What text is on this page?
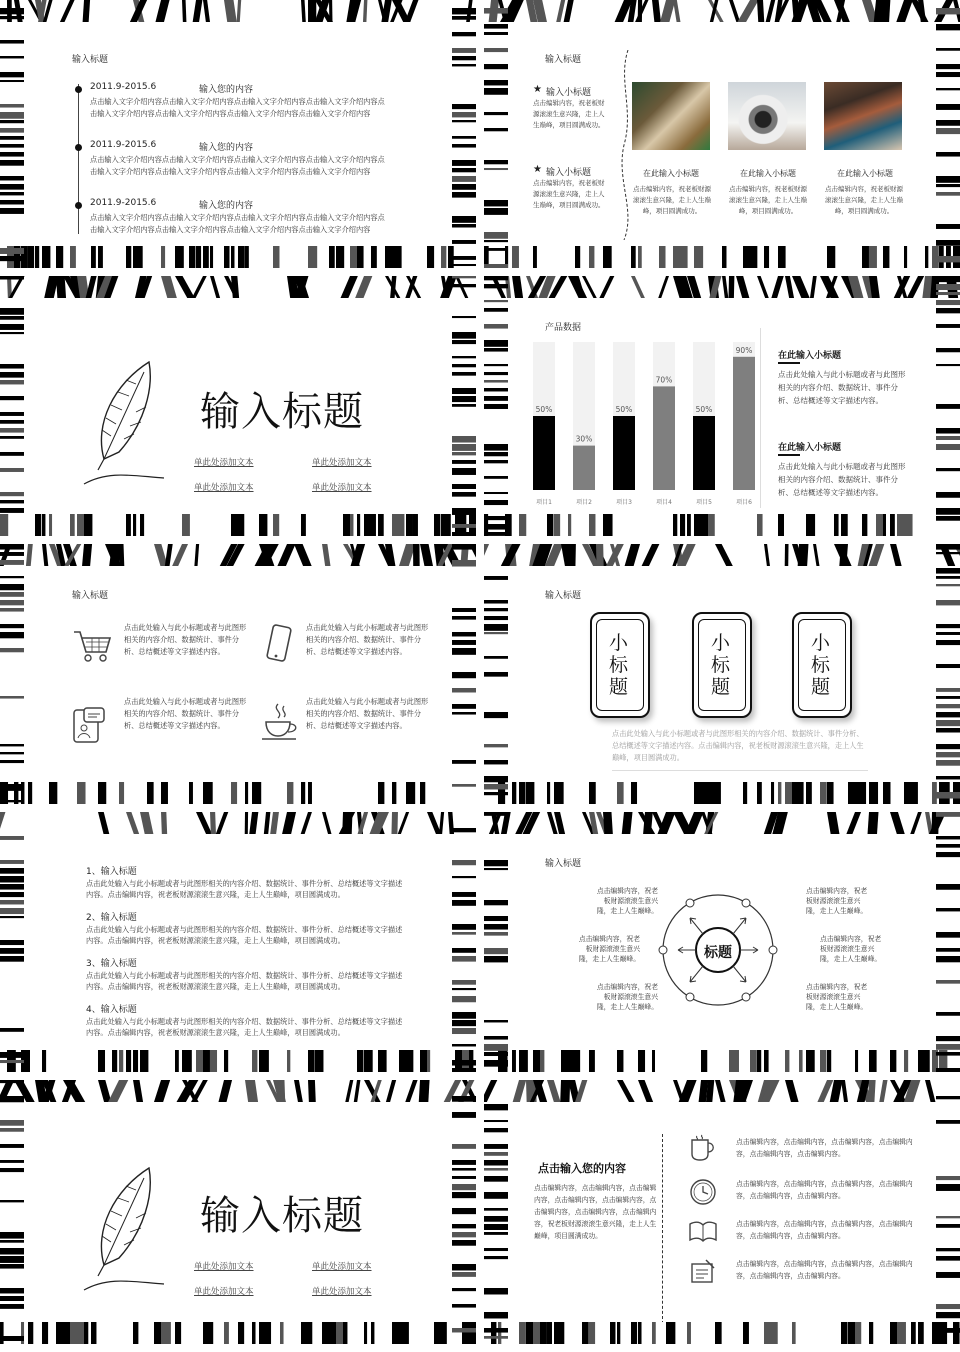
输入标题
2011.9-2015.6	输入您的内容
点击输入文字介绍内容点击输入文字介绍内容点击输入文字介绍内容点击输入文字介绍内容点击输入文字介绍内容点击输入文字介绍内容点击输入文字介绍内容点击输入文字介绍内容
2011.9-2015.6	输入您的内容
点击输入文字介绍内容点击输入文字介绍内容点击输入文字介绍内容点击输入文字介绍内容点击输入文字介绍内容点击输入文字介绍内容点击输入文字介绍内容点击输入文字介绍内容
2011.9-2015.6	输入您的内容
点击输入文字介绍内容点击输入文字介绍内容点击输入文字介绍内容点击输入文字介绍内容点击输入文字介绍内容点击输入文字介绍内容点击输入文字介绍内容点击输入文字介绍内容
输入标题
★ 输入小标题
点击编辑内容，祝老板财源滚滚生意兴隆，走上人生巅峰，项目圆满成功。
★ 输入小标题
点击编辑内容，祝老板财源滚滚生意兴隆，走上人生巅峰，项目圆满成功。
在此输入小标题
点击编辑内容，祝老板财源滚滚生意兴隆，走上人生巅峰，项目圆满成功。
在此输入小标题
点击编辑内容，祝老板财源滚滚生意兴隆，走上人生巅峰，项目圆满成功。
在此输入小标题
点击编辑内容，祝老板财源滚滚生意兴隆，走上人生巅峰，项目圆满成功。
输入标题
单此处添加文本	单此处添加文本
单此处添加文本	单此处添加文本
产品数据
50%
项目1
30%
项目2
50%
项目3
70%
项目4
50%
项目5
90%
项目6
在此输入小标题
点击此处输入与此小标题或者与此图形相关的内容介绍、数据统计、事件分析、总结概述等文字描述内容。
在此输入小标题
点击此处输入与此小标题或者与此图形相关的内容介绍、数据统计、事件分析、总结概述等文字描述内容。
输入标题
点击此处输入与此小标题或者与此图形相关的内容介绍、数据统计、事件分析、总结概述等文字描述内容。
点击此处输入与此小标题或者与此图形相关的内容介绍、数据统计、事件分析、总结概述等文字描述内容。
点击此处输入与此小标题或者与此图形相关的内容介绍、数据统计、事件分析、总结概述等文字描述内容。
点击此处输入与此小标题或者与此图形相关的内容介绍、数据统计、事件分析、总结概述等文字描述内容。
输入标题
小标题
小标题
小标题
点击此处输入与此小标题或者与此图形相关的内容介绍、数据统计、事件分析、总结概述等文字描述内容。点击编辑内容，祝老板财源滚滚生意兴隆，走上人生巅峰，项目圆满成功。
1、输入标题
点击此处输入与此小标题或者与此图形相关的内容介绍、数据统计、事件分析、总结概述等文字描述内容。点击编辑内容，祝老板财源滚滚生意兴隆，走上人生巅峰，项目圆满成功。
2、输入标题
点击此处输入与此小标题或者与此图形相关的内容介绍、数据统计、事件分析、总结概述等文字描述内容。点击编辑内容，祝老板财源滚滚生意兴隆，走上人生巅峰，项目圆满成功。
3、输入标题
点击此处输入与此小标题或者与此图形相关的内容介绍、数据统计、事件分析、总结概述等文字描述内容。点击编辑内容，祝老板财源滚滚生意兴隆，走上人生巅峰，项目圆满成功。
4、输入标题
点击此处输入与此小标题或者与此图形相关的内容介绍、数据统计、事件分析、总结概述等文字描述内容。点击编辑内容，祝老板财源滚滚生意兴隆，走上人生巅峰，项目圆满成功。
输入标题
标题
点击编辑内容，祝老板财源滚滚生意兴隆，走上人生巅峰。
点击编辑内容，祝老板财源滚滚生意兴隆，走上人生巅峰。
点击编辑内容，祝老板财源滚滚生意兴隆，走上人生巅峰。
点击编辑内容，祝老板财源滚滚生意兴隆，走上人生巅峰。
点击编辑内容，祝老板财源滚滚生意兴隆，走上人生巅峰。
点击编辑内容，祝老板财源滚滚生意兴隆，走上人生巅峰。
输入标题
单此处添加文本	单此处添加文本
单此处添加文本	单此处添加文本
点击输入您的内容
点击编辑内容，点击编辑内容，点击编辑内容，点击编辑内容，点击编辑内容，点击编辑内容，点击编辑内容，点击编辑内容，祝老板财源滚滚生意兴隆，走上人生巅峰，项目圆满成功。
点击编辑内容，点击编辑内容，点击编辑内容，点击编辑内容，点击编辑内容，点击编辑内容。
点击编辑内容，点击编辑内容，点击编辑内容，点击编辑内容，点击编辑内容，点击编辑内容。
点击编辑内容，点击编辑内容，点击编辑内容，点击编辑内容，点击编辑内容，点击编辑内容。
点击编辑内容，点击编辑内容，点击编辑内容，点击编辑内容，点击编辑内容，点击编辑内容。
